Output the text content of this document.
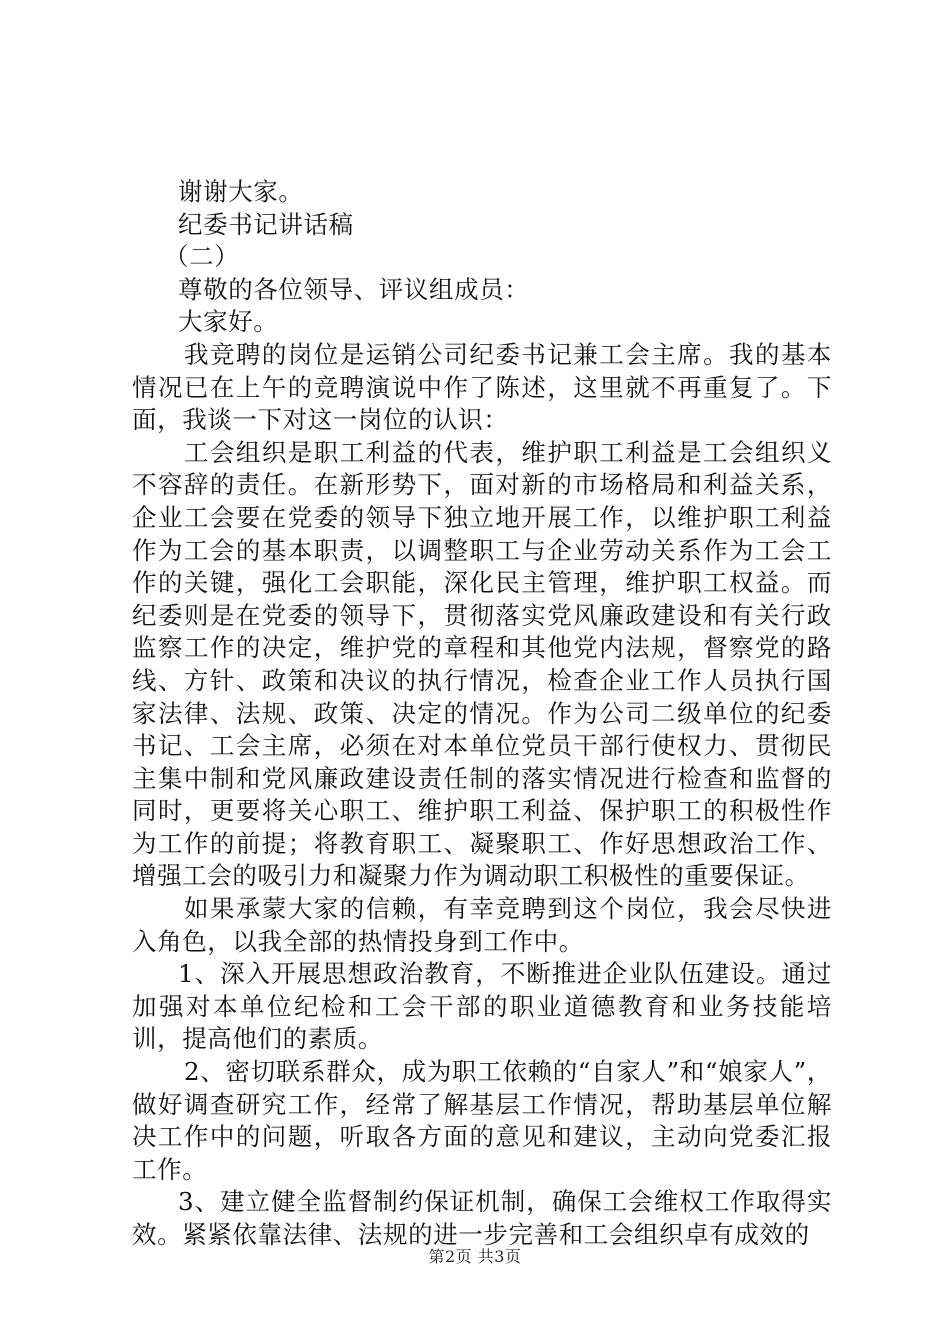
谢谢大家。

纪委书记讲话稿

（二）

尊敬的各位领导、评议组成员：

大家好。

我竞聘的岗位是运销公司纪委书记兼工会主席。我的基本情况已在上午的竞聘演说中作了陈述，这里就不再重复了。下面，我谈一下对这一岗位的认识：

工会组织是职工利益的代表，维护职工利益是工会组织义不容辞的责任。在新形势下，面对新的市场格局和利益关系，企业工会要在党委的领导下独立地开展工作，以维护职工利益作为工会的基本职责，以调整职工与企业劳动关系作为工会工作的关键，强化工会职能，深化民主管理，维护职工权益。而纪委则是在党委的领导下，贯彻落实党风廉政建设和有关行政监察工作的决定，维护党的章程和其他党内法规，督察党的路线、方针、政策和决议的执行情况，检查企业工作人员执行国家法律、法规、政策、决定的情况。作为公司二级单位的纪委书记、工会主席，必须在对本单位党员干部行使权力、贯彻民主集中制和党风廉政建设责任制的落实情况进行检查和监督的同时，更要将关心职工、维护职工利益、保护职工的积极性作为工作的前提；将教育职工、凝聚职工、作好思想政治工作、增强工会的吸引力和凝聚力作为调动职工积极性的重要保证。

如果承蒙大家的信赖，有幸竞聘到这个岗位，我会尽快进入角色，以我全部的热情投身到工作中。

1、深入开展思想政治教育，不断推进企业队伍建设。通过加强对本单位纪检和工会干部的职业道德教育和业务技能培训，提高他们的素质。

2、密切联系群众，成为职工依赖的“自家人”和“娘家人”，做好调查研究工作，经常了解基层工作情况，帮助基层单位解决工作中的问题，听取各方面的意见和建议，主动向党委汇报工作。

3、建立健全监督制约保证机制，确保工会维权工作取得实效。紧紧依靠法律、法规的进一步完善和工会组织卓有成效的

第2页 共3页
